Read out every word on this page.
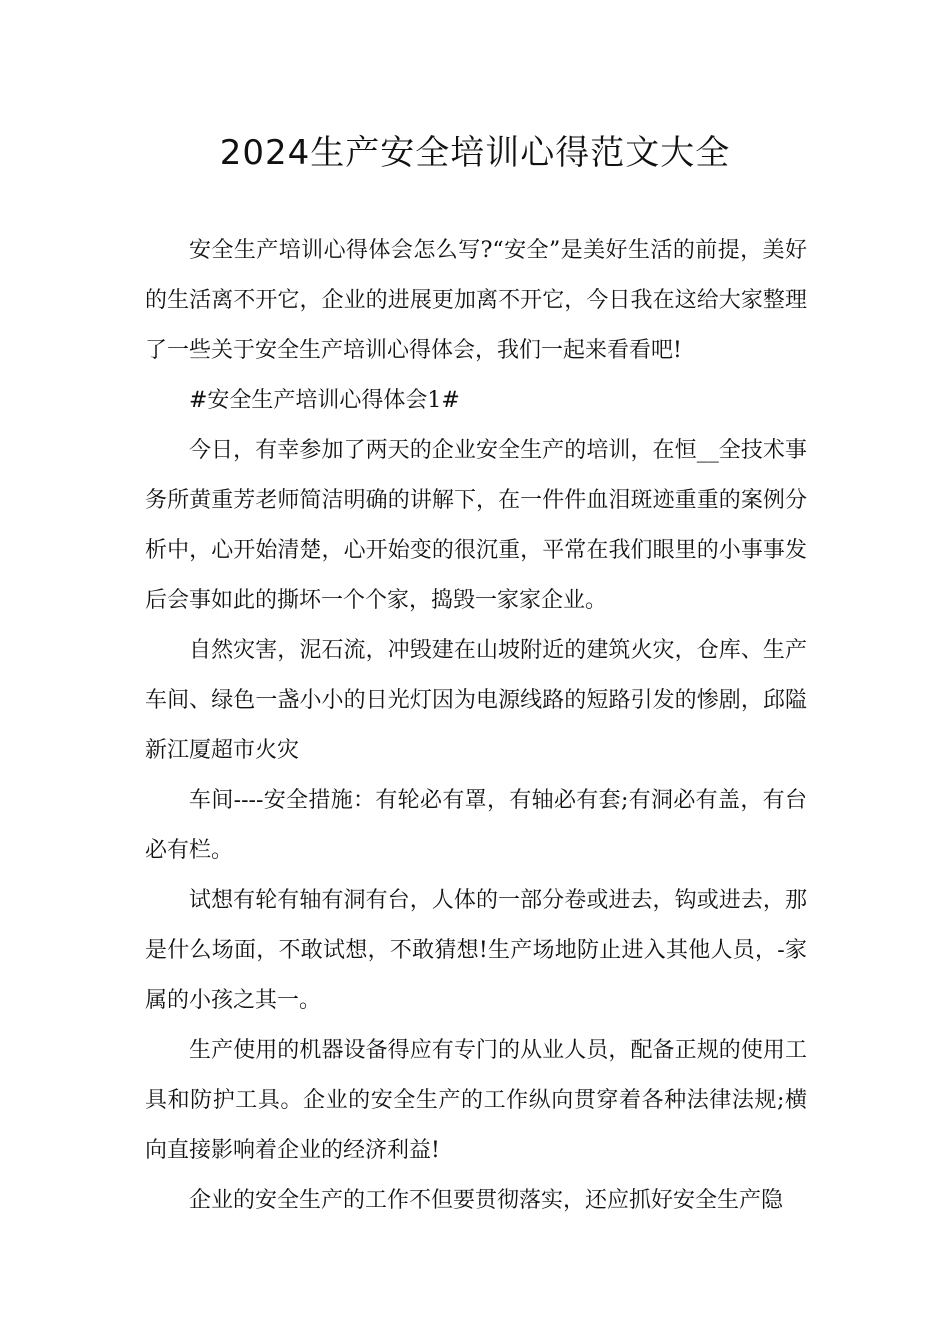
2024生产安全培训心得范文大全

安全生产培训心得体会怎么写?“安全”是美好生活的前提，美好的生活离不开它，企业的进展更加离不开它，今日我在这给大家整理了一些关于安全生产培训心得体会，我们一起来看看吧!

#安全生产培训心得体会1#

今日，有幸参加了两天的企业安全生产的培训，在恒__全技术事务所黄重芳老师简洁明确的讲解下，在一件件血泪斑迹重重的案例分析中，心开始清楚，心开始变的很沉重，平常在我们眼里的小事事发后会事如此的撕坏一个个家，捣毁一家家企业。

自然灾害，泥石流，冲毁建在山坡附近的建筑火灾，仓库、生产车间、绿色一盏小小的日光灯因为电源线路的短路引发的惨剧，邱隘新江厦超市火灾

车间----安全措施：有轮必有罩，有轴必有套;有洞必有盖，有台必有栏。

试想有轮有轴有洞有台，人体的一部分卷或进去，钩或进去，那是什么场面，不敢试想，不敢猜想!生产场地防止进入其他人员，-家属的小孩之其一。

生产使用的机器设备得应有专门的从业人员，配备正规的使用工具和防护工具。企业的安全生产的工作纵向贯穿着各种法律法规;横向直接影响着企业的经济利益!

企业的安全生产的工作不但要贯彻落实，还应抓好安全生产隐
